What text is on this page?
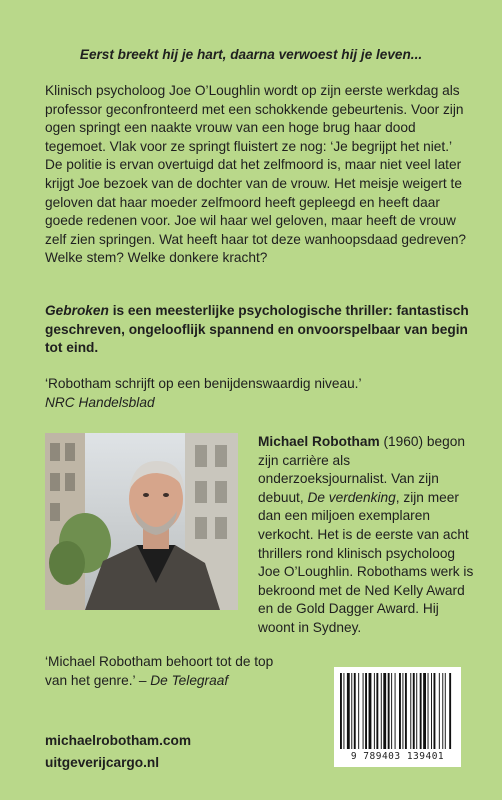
Eerst breekt hij je hart, daarna verwoest hij je leven...

Klinisch psycholoog Joe O’Loughlin wordt op zijn eerste werkdag als professor geconfronteerd met een schokkende gebeurtenis. Voor zijn ogen springt een naakte vrouw van een hoge brug haar dood tegemoet. Vlak voor ze springt fluistert ze nog: ‘Je begrijpt het niet.’ De politie is ervan overtuigd dat het zelfmoord is, maar niet veel later krijgt Joe bezoek van de dochter van de vrouw. Het meisje weigert te geloven dat haar moeder zelfmoord heeft gepleegd en heeft daar goede redenen voor. Joe wil haar wel geloven, maar heeft de vrouw zelf zien springen. Wat heeft haar tot deze wanhoopsdaad gedreven? Welke stem? Welke donkere kracht?

Gebroken is een meesterlijke psychologische thriller: fantastisch geschreven, ongelooflijk spannend en onvoorspelbaar van begin tot eind.

‘Robotham schrijft op een benijdenswaardig niveau.’
NRC Handelsblad

Michael Robotham (1960) begon zijn carrière als onderzoeksjournalist. Van zijn debuut, De verdenking, zijn meer dan een miljoen exemplaren verkocht. Het is de eerste van acht thrillers rond klinisch psycholoog Joe O’Loughlin. Robothams werk is bekroond met de Ned Kelly Award en de Gold Dagger Award. Hij woont in Sydney.

‘Michael Robotham behoort tot de top van het genre.’ – De Telegraaf
michaelrobotham.com
uitgeverijcargo.nl	9 789403 139401
